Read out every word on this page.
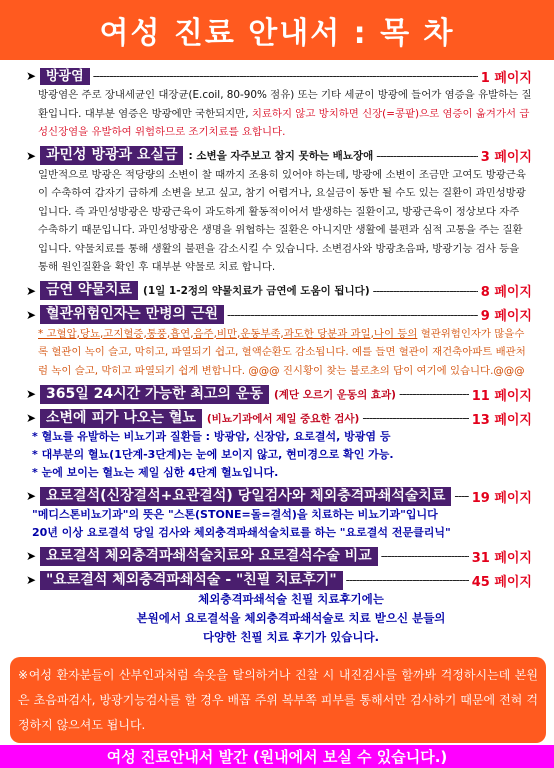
여성 진료 안내서 : 목 차
➤ 방광염 -----	1 페이지

방광염은 주로 장내세균인 대장균(E.coil, 80-90% 점유) 또는 기타 세균이 방광에 들어가 염증을 유발하는 질환입니다. 대부분 염증은 방광에만 국한되지만, 치료하지 않고 방치하면 신장(=콩팥)으로 염증이 옮겨가서 급성신장염을 유발하여 위험하므로 조기치료를 요합니다.

➤ 과민성 방광과 요실금	: 소변을 자주보고 참지 못하는 배뇨장애 -----	3 페이지

일반적으로 방광은 적당량의 소변이 찰 때까지 조용히 있어야 하는데, 방광에 소변이 조금만 고여도 방광근육이 수축하여 갑자기 급하게 소변을 보고 싶고, 참기 어렵거나, 요실금이 동반 될 수도 있는 질환이 과민성방광입니다. 즉 과민성방광은 방광근육이 과도하게 활동적이어서 발생하는 질환이고, 방광근육이 정상보다 자주 수축하기 때문입니다. 과민성방광은 생명을 위협하는 질환은 아니지만 생활에 불편과 심적 고통을 주는 질환입니다. 약물치료를 통해 생활의 불편을 감소시킬 수 있습니다. 소변검사와 방광초음파, 방광기능 검사 등을 통해 원인질환을 확인 후 대부분 약물로 치료 합니다.

➤ 금연 약물치료	(1일 1-2정의 약물치료가 금연에 도움이 됩니다) -----	8 페이지
➤ 혈관위험인자는 만병의 근원 -----	9 페이지

* 고혈압,당뇨,고지혈증,통풍,흡연,음주,비만,운동부족,과도한 당분과 과일,나이 등의 혈관위험인자가 많을수록 혈관이 녹이 슬고, 막히고, 파열되기 쉽고, 혈액순환도 감소됩니다. 예를 들면 혈관이 재건축아파트 배관처럼 녹이 슬고, 막히고 파열되기 쉽게 변합니다. @@@ 진시황이 찾는 불로초의 답이 여기에 있습니다.@@@

➤ 365일 24시간 가능한 최고의 운동	(계단 오르기 운동의 효과) -----	11 페이지
➤ 소변에 피가 나오는 혈뇨	(비뇨기과에서 제일 중요한 검사) -----	13 페이지
* 혈뇨를 유발하는 비뇨기과 질환들 : 방광암, 신장암, 요로결석, 방광염 등
* 대부분의 혈뇨(1단계-3단계)는 눈에 보이지 않고, 현미경으로 확인 가능.
* 눈에 보이는 혈뇨는 제일 심한 4단계 혈뇨입니다.
➤ 요로결석(신장결석+요관결석) 당일검사와 체외충격파쇄석술치료 -----	19 페이지
"메디스톤비뇨기과"의 뜻은 "스톤(STONE=돌=결석)을 치료하는 비뇨기과"입니다
20년 이상 요로결석 당일 검사와 체외충격파쇄석술치료를 하는 "요로결석 전문클리닉"
➤ 요로결석 체외충격파쇄석술치료와 요로결석수술 비교 -----	31 페이지
➤ "요로결석 체외충격파쇄석술 - "친필 치료후기" -----	45 페이지
체외충격파쇄석술 친필 치료후기에는
본원에서 요로결석을 체외충격파쇄석술로 치료 받으신 분들의
다양한 친필 치료 후기가 있습니다.

※여성 환자분들이 산부인과처럼 속옷을 탈의하거나 진찰 시 내진검사를 할까봐 걱정하시는데 본원은 초음파검사, 방광기능검사를 할 경우 배꼽 주위 복부쪽 피부를 통해서만 검사하기 때문에 전혀 걱정하지 않으셔도 됩니다.

여성 진료안내서 발간 (원내에서 보실 수 있습니다.)
